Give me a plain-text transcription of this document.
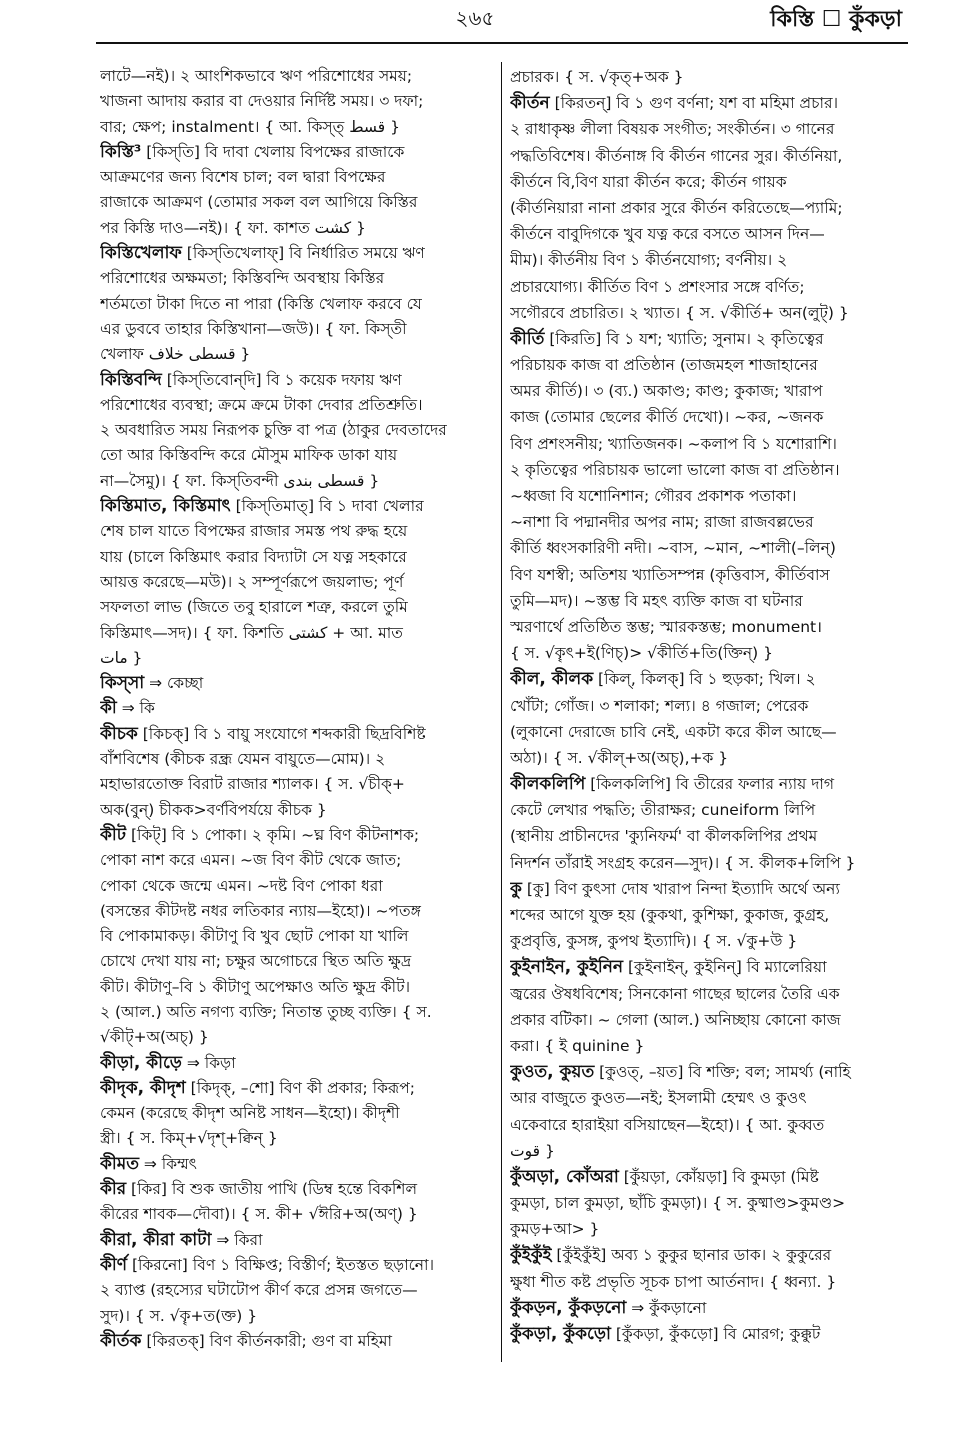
২৬৫	কিস্তি ☐ কুঁকড়া
লাটে—নই)। ২ আংশিকভাবে ঋণ পরিশোধের সময়;
খাজনা আদায় করার বা দেওয়ার নির্দিষ্ট সময়। ৩ দফা;
বার; ক্ষেপ; instalment। { আ. কিস্‌ত্ قسط }
কিস্তি³ [কিস্‌তি] বি দাবা খেলায় বিপক্ষের রাজাকে
আক্রমণের জন্য বিশেষ চাল; বল দ্বারা বিপক্ষের
রাজাকে আক্রমণ (তোমার সকল বল আগিয়ে কিস্তির
পর কিস্তি দাও—নই)। { ফা. কাশত كشت }
কিস্তিখেলাফ [কিস্‌তিখেলাফ্] বি নির্ধারিত সময়ে ঋণ
পরিশোধের অক্ষমতা; কিস্তিবন্দি অবস্থায় কিস্তির
শর্তমতো টাকা দিতে না পারা (কিস্তি খেলাফ করবে যে
এর ডুববে তাহার কিস্তিখানা—জউ)। { ফা. কিস্‌তী
খেলাফ قسطی خلاف }
কিস্তিবন্দি [কিস্‌তিবোন্‌দি] বি ১ কয়েক দফায় ঋণ
পরিশোধের ব্যবস্থা; ক্রমে ক্রমে টাকা দেবার প্রতিশ্রুতি।
২ অবধারিত সময় নিরূপক চুক্তি বা পত্র (ঠাকুর দেবতাদের
তো আর কিস্তিবন্দি করে মৌসুম মাফিক ডাকা যায়
না—সৈমু)। { ফা. কিস্‌তিবন্দী قسطی بندی }
কিস্তিমাত, কিস্তিমাৎ [কিস্‌তিমাত্] বি ১ দাবা খেলার
শেষ চাল যাতে বিপক্ষের রাজার সমস্ত পথ রুদ্ধ হয়ে
যায় (চালে কিস্তিমাৎ করার বিদ্যাটা সে যত্ন সহকারে
আয়ত্ত করেছে—মউ)। ২ সম্পূর্ণরূপে জয়লাভ; পূর্ণ
সফলতা লাভ (জিতে তবু হারালে শত্রু, করলে তুমি
কিস্তিমাৎ—সদ)। { ফা. কিশতি کشتی + আ. মাত
مات }
কিস্‌সা ⇒ কেচ্ছা
কী ⇒ কি
কীচক [কিচক্] বি ১ বায়ু সংযোগে শব্দকারী ছিদ্রবিশিষ্ট
বাঁশবিশেষ (কীচক রন্ধ্র যেমন বায়ুতে—মোম)। ২
মহাভারতোক্ত বিরাট রাজার শ্যালক। { স. √চীক্+
অক(বুন্) চীকক>বর্ণবিপর্যয়ে কীচক }
কীট [কিট্] বি ১ পোকা। ২ কৃমি। ~ঘ্ন বিণ কীটনাশক;
পোকা নাশ করে এমন। ~জ বিণ কীট থেকে জাত;
পোকা থেকে জন্মে এমন। ~দষ্ট বিণ পোকা ধরা
(বসন্তের কীটদষ্ট নধর লতিকার ন্যায়—ইহো)। ~পতঙ্গ
বি পোকামাকড়। কীটাণু বি খুব ছোট পোকা যা খালি
চোখে দেখা যায় না; চক্ষুর অগোচরে স্থিত অতি ক্ষুদ্র
কীট। কীটাণু–বি ১ কীটাণু অপেক্ষাও অতি ক্ষুদ্র কীট।
২ (আল.) অতি নগণ্য ব্যক্তি; নিতান্ত তুচ্ছ ব্যক্তি। { স.
√কীট্+অ(অচ্) }
কীড়া, কীড়ে ⇒ কিড়া
কীদৃক, কীদৃশ [কিদৃক্, –শো] বিণ কী প্রকার; কিরূপ;
কেমন (করেছে কীদৃশ অনিষ্ট সাধন—ইহো)। কীদৃশী
স্ত্রী। { স. কিম্+√দৃশ্+ক্বিন্ }
কীমত ⇒ কিম্মৎ
কীর [কির] বি শুক জাতীয় পাখি (ডিম্ব হন্তে বিকশিল
কীরের শাবক—দৌবা)। { স. কী+ √ঈরি+অ(অণ্) }
কীরা, কীরা কাটা ⇒ কিরা
কীর্ণ [কিরনো] বিণ ১ বিক্ষিপ্ত; বিস্তীর্ণ; ইতস্তত ছড়ানো।
২ ব্যাপ্ত (রহস্যের ঘটাটোপ কীর্ণ করে প্রসন্ন জগতে—
সুদ)। { স. √কৄ+ত(ক্ত) }
কীর্তক [কিরতক্] বিণ কীর্তনকারী; গুণ বা মহিমা
প্রচারক। { স. √কৃত্+অক }
কীর্তন [কিরতন্] বি ১ গুণ বর্ণনা; যশ বা মহিমা প্রচার।
২ রাধাকৃষ্ণ লীলা বিষয়ক সংগীত; সংকীর্তন। ৩ গানের
পদ্ধতিবিশেষ। কীর্তনাঙ্গ বি কীর্তন গানের সুর। কীর্তনিয়া,
কীর্তনে বি,বিণ যারা কীর্তন করে; কীর্তন গায়ক
(কীর্তনিয়ারা নানা প্রকার সুরে কীর্তন করিতেছে—প্যামি;
কীর্তনে বাবুদিগকে খুব যত্ন করে বসতে আসন দিন—
মীম)। কীর্তনীয় বিণ ১ কীর্তনযোগ্য; বর্ণনীয়। ২
প্রচারযোগ্য। কীর্তিত বিণ ১ প্রশংসার সঙ্গে বর্ণিত;
সগৌরবে প্রচারিত। ২ খ্যাত। { স. √কীর্তি+ অন(লুট্) }
কীর্তি [কিরতি] বি ১ যশ; খ্যাতি; সুনাম। ২ কৃতিত্বের
পরিচায়ক কাজ বা প্রতিষ্ঠান (তাজমহল শাজাহানের
অমর কীর্তি)। ৩ (ব্য.) অকাণ্ড; কাণ্ড; কুকাজ; খারাপ
কাজ (তোমার ছেলের কীর্তি দেখো)। ~কর, ~জনক
বিণ প্রশংসনীয়; খ্যাতিজনক। ~কলাপ বি ১ যশোরাশি।
২ কৃতিত্বের পরিচায়ক ভালো ভালো কাজ বা প্রতিষ্ঠান।
~ধ্বজা বি যশোনিশান; গৌরব প্রকাশক পতাকা।
~নাশা বি পদ্মানদীর অপর নাম; রাজা রাজবল্লভের
কীর্তি ধ্বংসকারিণী নদী। ~বাস, ~মান, ~শালী(–লিন্)
বিণ যশস্বী; অতিশয় খ্যাতিসম্পন্ন (কৃত্তিবাস, কীর্তিবাস
তুমি—মদ)। ~স্তম্ভ বি মহৎ ব্যক্তি কাজ বা ঘটনার
স্মরণার্থে প্রতিষ্ঠিত স্তম্ভ; স্মারকস্তম্ভ; monument।
{ স. √কৄৎ+ই(ণিচ্)> √কীর্তি+তি(ক্তিন্) }
কীল, কীলক [কিল্, কিলক্] বি ১ হুড়কা; খিল। ২
খোঁটা; গোঁজ। ৩ শলাকা; শল্য। ৪ গজাল; পেরেক
(লুকানো দেরাজে চাবি নেই, একটা করে কীল আছে—
অঠা)। { স. √কীল্+অ(অচ্),+ক }
কীলকলিপি [কিলকলিপি] বি তীরের ফলার ন্যায় দাগ
কেটে লেখার পদ্ধতি; তীরাক্ষর; cuneiform লিপি
(স্থানীয় প্রাচীনদের 'ক্যুনিফর্ম' বা কীলকলিপির প্রথম
নিদর্শন তাঁরাই সংগ্রহ করেন—সুদ)। { স. কীলক+লিপি }
কু [কু] বিণ কুৎসা দোষ খারাপ নিন্দা ইত্যাদি অর্থে অন্য
শব্দের আগে যুক্ত হয় (কুকথা, কুশিক্ষা, কুকাজ, কুগ্রহ,
কুপ্রবৃত্তি, কুসঙ্গ, কুপথ ইত্যাদি)। { স. √কু+উ }
কুইনাইন, কুইনিন [কুইনাইন্, কুইনিন্] বি ম্যালেরিয়া
জ্বরের ঔষধবিশেষ; সিনকোনা গাছের ছালের তৈরি এক
প্রকার বটিকা। ~ গেলা (আল.) অনিচ্ছায় কোনো কাজ
করা। { ই quinine }
কুওত, কুয়ত [কুওত্, –য়ত] বি শক্তি; বল; সামর্থ্য (নাহি
আর বাজুতে কুওত—নই; ইসলামী হেম্মৎ ও কুওৎ
একেবারে হারাইয়া বসিয়াছেন—ইহো)। { আ. কুব্বত
قوت }
কুঁঅড়া, কোঁঅরা [কুঁয়ড়া, কোঁয়ড়া] বি কুমড়া (মিষ্ট
কুমড়া, চাল কুমড়া, ছাঁচি কুমড়া)। { স. কুষ্মাণ্ড>কুমণ্ড>
কুমড়+আ> }
কুঁইকুঁই [কুঁইকুঁই] অব্য ১ কুকুর ছানার ডাক। ২ কুকুরের
ক্ষুধা শীত কষ্ট প্রভৃতি সূচক চাপা আর্তনাদ। { ধ্বন্যা. }
কুঁকড়ন, কুঁকড়নো ⇒ কুঁকড়ানো
কুঁকড়া, কুঁকড়ো [কুঁকড়া, কুঁকড়ো] বি মোরগ; কুক্কুট
